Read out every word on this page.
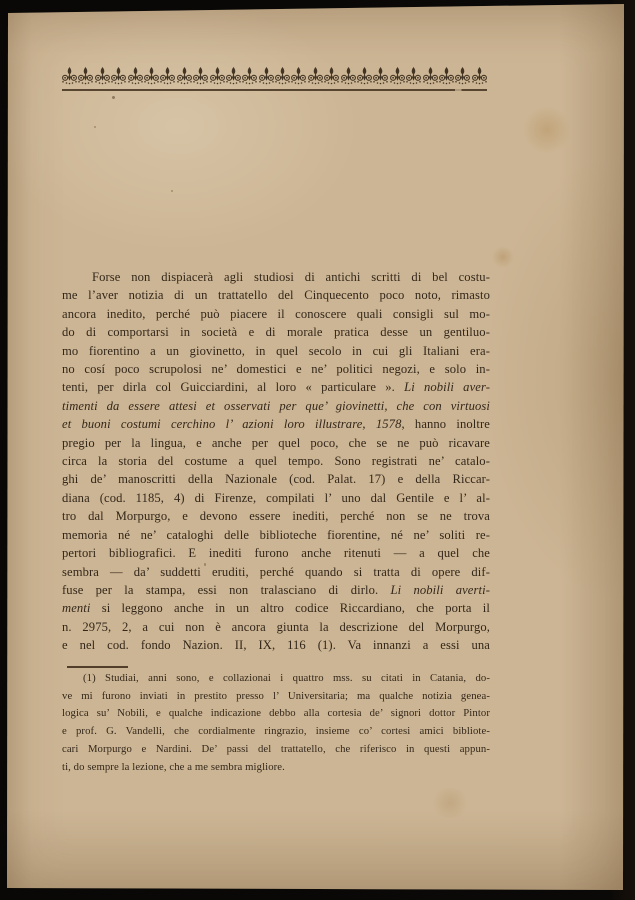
Forse non dispiacerà agli studiosi di antichi scritti di bel costu-
me l’aver notizia di un trattatello del Cinquecento poco noto, rimasto
ancora inedito, perché può piacere il conoscere quali consigli sul mo-
do di comportarsi in società e di morale pratica desse un gentiluo-
mo fiorentino a un giovinetto, in quel secolo in cui gli Italiani era-
no cosí poco scrupolosi ne’ domestici e ne’ politici negozi, e solo in-
tenti, per dirla col Guicciardini, al loro « particulare ». Li nobili aver-
timenti da essere attesi et osservati per que’ giovinetti, che con virtuosi
et buoni costumi cerchino l’ azioni loro illustrare, 1578, hanno inoltre
pregio per la lingua, e anche per quel poco, che se ne può ricavare
circa la storia del costume a quel tempo. Sono registrati ne’ catalo-
ghi de’ manoscritti della Nazionale (cod. Palat. 17) e della Riccar-
diana (cod. 1185, 4) di Firenze, compilati l’ uno dal Gentile e l’ al-
tro dal Morpurgo, e devono essere inediti, perché non se ne trova
memoria né ne’ cataloghi delle biblioteche fiorentine, né ne’ soliti re-
pertori bibliografici. E inediti furono anche ritenuti — a quel che
sembra — da’ suddetti eruditi, perché quando si tratta di opere dif-
fuse per la stampa, essi non tralasciano di dirlo. Li nobili averti-
menti si leggono anche in un altro codice Riccardiano, che porta il
n. 2975, 2, a cui non è ancora giunta la descrizione del Morpurgo,
e nel cod. fondo Nazion. II, IX, 116 (1). Va innanzi a essi una
(1) Studiai, anni sono, e collazionai i quattro mss. su citati in Catania, do-
ve mi furono inviati in prestito presso l’ Universitaria; ma qualche notizia genea-
logica su’ Nobili, e qualche indicazione debbo alla cortesia de’ signori dottor Pintor
e prof. G. Vandelli, che cordialmente ringrazio, insieme co’ cortesi amici bibliote-
cari Morpurgo e Nardini. De’ passi del trattatello, che riferisco in questi appun-
ti, do sempre la lezione, che a me sembra migliore.
